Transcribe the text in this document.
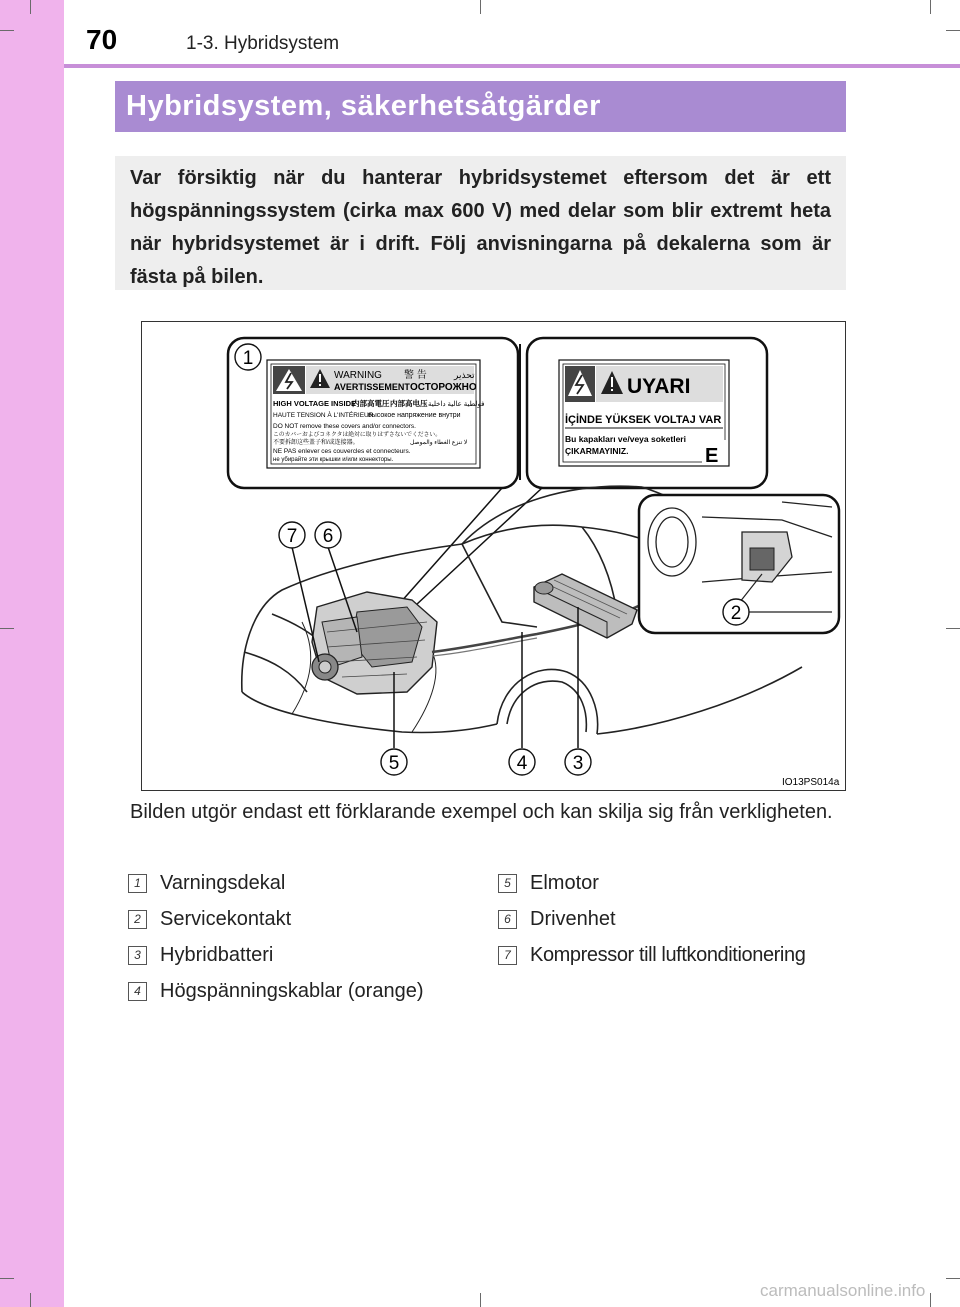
70	1-3. Hybridsystem
Hybridsystem, säkerhetsåtgärder
Var försiktig när du hanterar hybridsystemet eftersom det är ett högspänningssystem (cirka max 600 V) med delar som blir extremt heta när hybridsystemet är i drift. Följ anvisningarna på dekalerna som är fästa på bilen.
WARNING 警 告	تحذير
AVERTISSEMENT ОСТОРОЖНО
HIGH VOLTAGE INSIDE
内部高電圧 内部高电压 فولطية عالية داخلية
HAUTE TENSION À L'INTÉRIEUR
высокое напряжение внутри
DO NOT remove these covers and/or connectors.
このカバーおよびコネクタは絶対に取りはずさないでください。
不要拆卸这些盖子和/或连接器。	لا تنزع الغطاء والموصل
NE PAS enlever ces couvercles et connecteurs.
не убирайте эти крышки и/или коннекторы.
UYARI
İÇİNDE YÜKSEK VOLTAJ VAR
Bu kapakları ve/veya soketleri
ÇIKARMAYINIZ.	E
1
2
3
4
5
6
7
IO13PS014a
Bilden utgör endast ett förklarande exempel och kan skilja sig från verkligheten.
1 Varningsdekal
2 Servicekontakt
3 Hybridbatteri
4 Högspänningskablar (orange)
5 Elmotor
6 Drivenhet
7 Kompressor till luftkonditionering
carmanualsonline.info
